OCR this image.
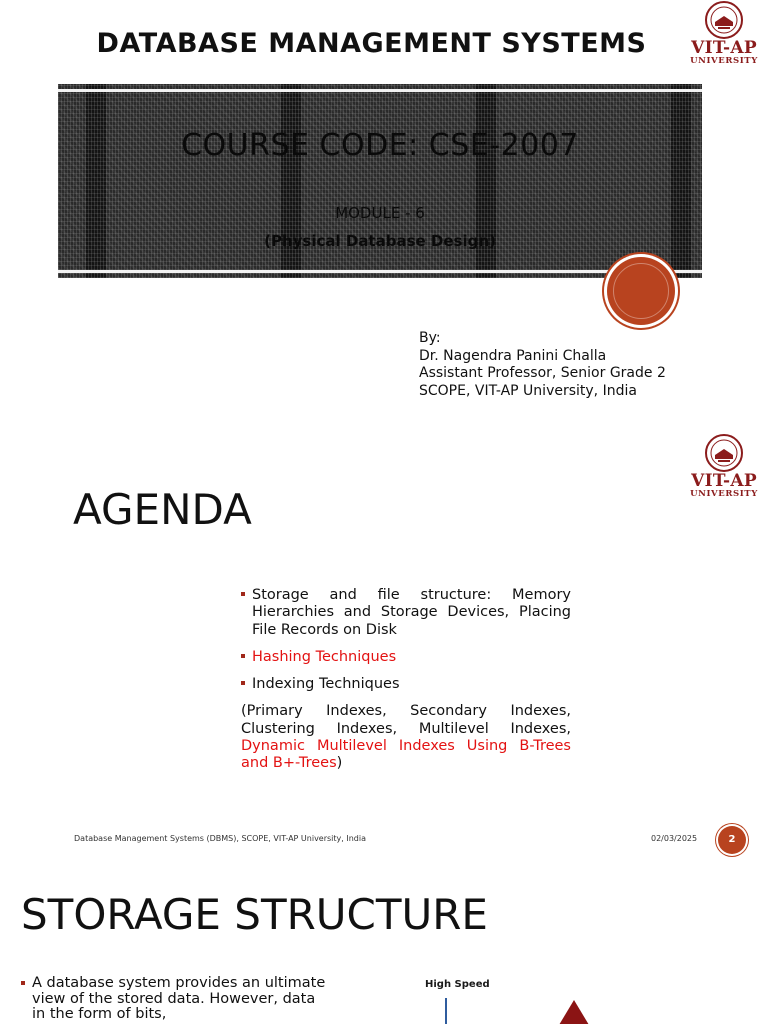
DATABASE MANAGEMENT SYSTEMS	VIT-AP
UNIVERSITY
COURSE CODE: CSE-2007
MODULE - 6
(Physical Database Design)
By:
Dr. Nagendra Panini Challa
Assistant Professor, Senior Grade 2
SCOPE, VIT-AP University, India
VIT-AP
UNIVERSITY
AGENDA
Storage and file structure: Memory Hierarchies and Storage Devices, Placing File Records on Disk
Hashing Techniques
Indexing Techniques
(Primary Indexes, Secondary Indexes, Clustering Indexes, Multilevel Indexes, Dynamic Multilevel Indexes Using B-Trees and B+-Trees)
Database Management Systems (DBMS), SCOPE, VIT-AP University, India	02/03/2025	2
STORAGE STRUCTURE
A database system provides an ultimate view of the stored data. However, data in the form of bits,
High Speed
